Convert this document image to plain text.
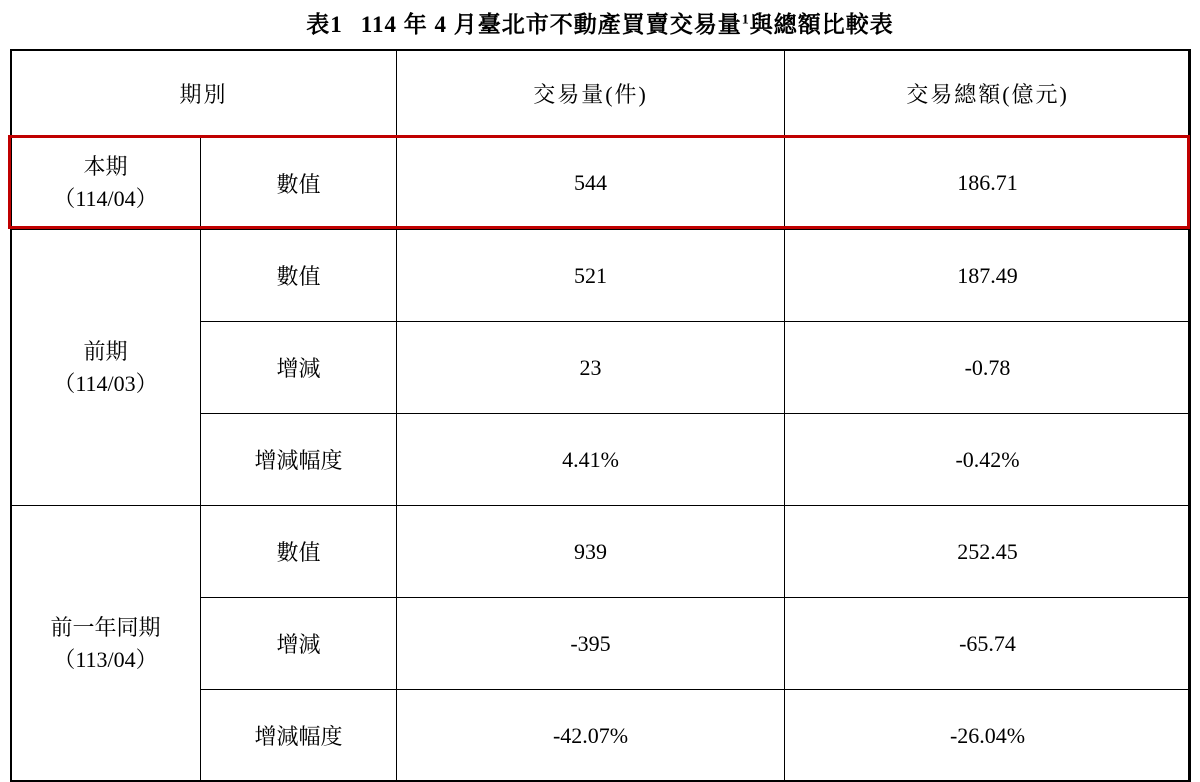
表1 114 年 4 月臺北市不動產買賣交易量$^1$與總額比較表
期別		交易量(件)	交易總額(億元)
本期
（114/04）	數值	544	186.71
前期
（114/03）	數值	521	187.49
	增減	23	-0.78
	增減幅度	4.41%	-0.42%
前一年同期
（113/04）	數值	939	252.45
	增減	-395	-65.74
	增減幅度	-42.07%	-26.04%
